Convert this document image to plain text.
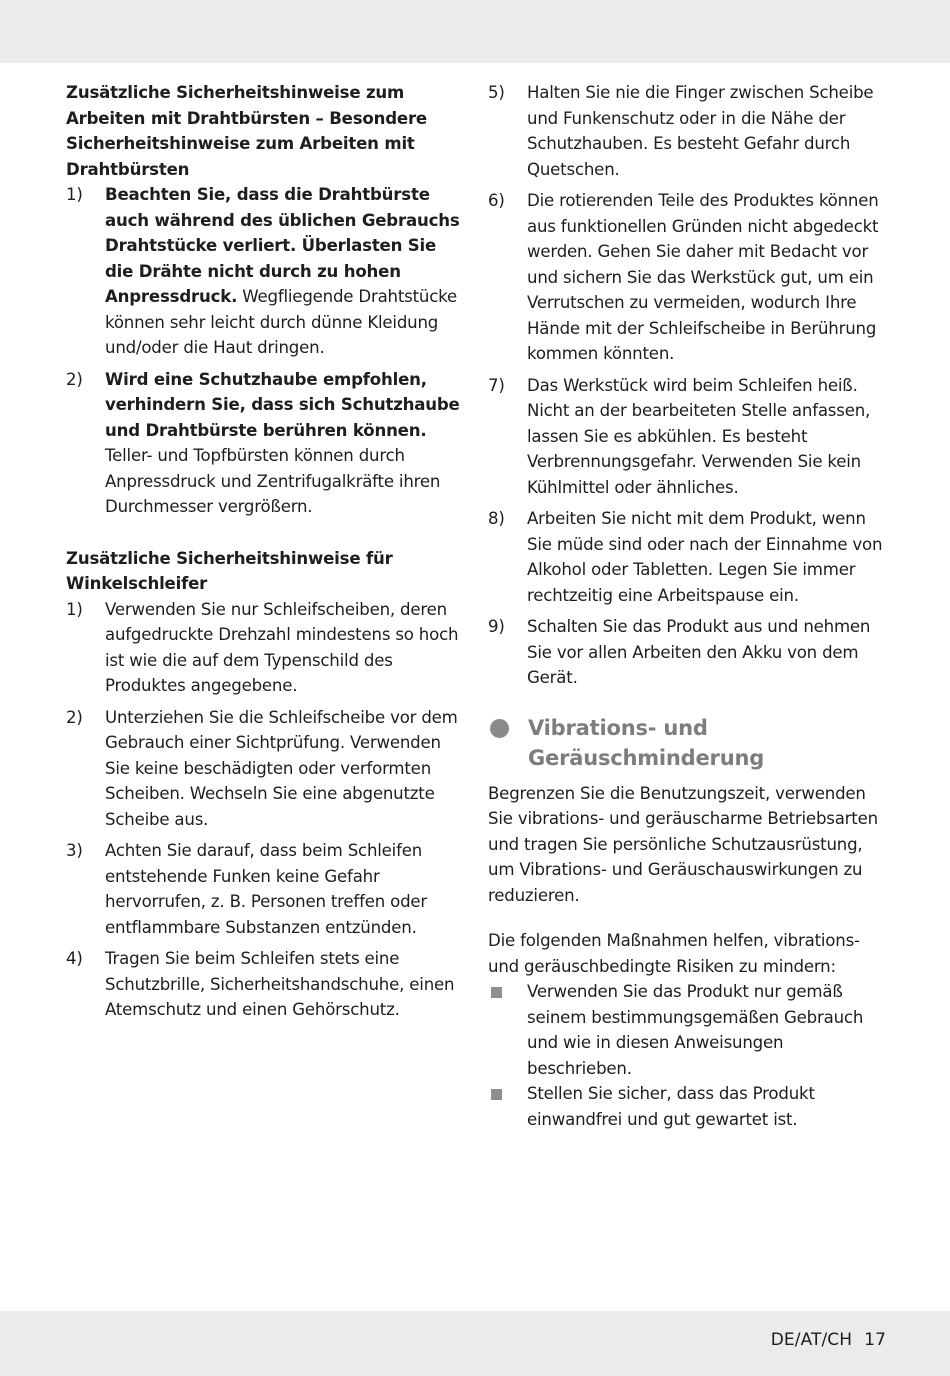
Zusätzliche Sicherheitshinweise zum Arbeiten mit Drahtbürsten – Besondere Sicherheitshinweise zum Arbeiten mit Drahtbürsten

1) Beachten Sie, dass die Drahtbürste auch während des üblichen Gebrauchs Drahtstücke verliert. Überlasten Sie die Drähte nicht durch zu hohen Anpressdruck. Wegfliegende Drahtstücke können sehr leicht durch dünne Kleidung und/oder die Haut dringen.
2) Wird eine Schutzhaube empfohlen, verhindern Sie, dass sich Schutzhaube und Drahtbürste berühren können. Teller- und Topfbürsten können durch Anpressdruck und Zentrifugalkräfte ihren Durchmesser vergrößern.

Zusätzliche Sicherheitshinweise für Winkelschleifer

1) Verwenden Sie nur Schleifscheiben, deren aufgedruckte Drehzahl mindestens so hoch ist wie die auf dem Typenschild des Produktes angegebene.
2) Unterziehen Sie die Schleifscheibe vor dem Gebrauch einer Sichtprüfung. Verwenden Sie keine beschädigten oder verformten Scheiben. Wechseln Sie eine abgenutzte Scheibe aus.
3) Achten Sie darauf, dass beim Schleifen entstehende Funken keine Gefahr hervorrufen, z. B. Personen treffen oder entflammbare Substanzen entzünden.
4) Tragen Sie beim Schleifen stets eine Schutzbrille, Sicherheitshandschuhe, einen Atemschutz und einen Gehörschutz.
5) Halten Sie nie die Finger zwischen Scheibe und Funkenschutz oder in die Nähe der Schutzhauben. Es besteht Gefahr durch Quetschen.
6) Die rotierenden Teile des Produktes können aus funktionellen Gründen nicht abgedeckt werden. Gehen Sie daher mit Bedacht vor und sichern Sie das Werkstück gut, um ein Verrutschen zu vermeiden, wodurch Ihre Hände mit der Schleifscheibe in Berührung kommen könnten.
7) Das Werkstück wird beim Schleifen heiß. Nicht an der bearbeiteten Stelle anfassen, lassen Sie es abkühlen. Es besteht Verbrennungsgefahr. Verwenden Sie kein Kühlmittel oder ähnliches.
8) Arbeiten Sie nicht mit dem Produkt, wenn Sie müde sind oder nach der Einnahme von Alkohol oder Tabletten. Legen Sie immer rechtzeitig eine Arbeitspause ein.
9) Schalten Sie das Produkt aus und nehmen Sie vor allen Arbeiten den Akku von dem Gerät.
Vibrations- und Geräuschminderung

Begrenzen Sie die Benutzungszeit, verwenden Sie vibrations- und geräuscharme Betriebsarten und tragen Sie persönliche Schutzausrüstung, um Vibrations- und Geräuschauswirkungen zu reduzieren.

Die folgenden Maßnahmen helfen, vibrations- und geräuschbedingte Risiken zu mindern:

Verwenden Sie das Produkt nur gemäß seinem bestimmungsgemäßen Gebrauch und wie in diesen Anweisungen beschrieben.
Stellen Sie sicher, dass das Produkt einwandfrei und gut gewartet ist.
DE/AT/CH 17
